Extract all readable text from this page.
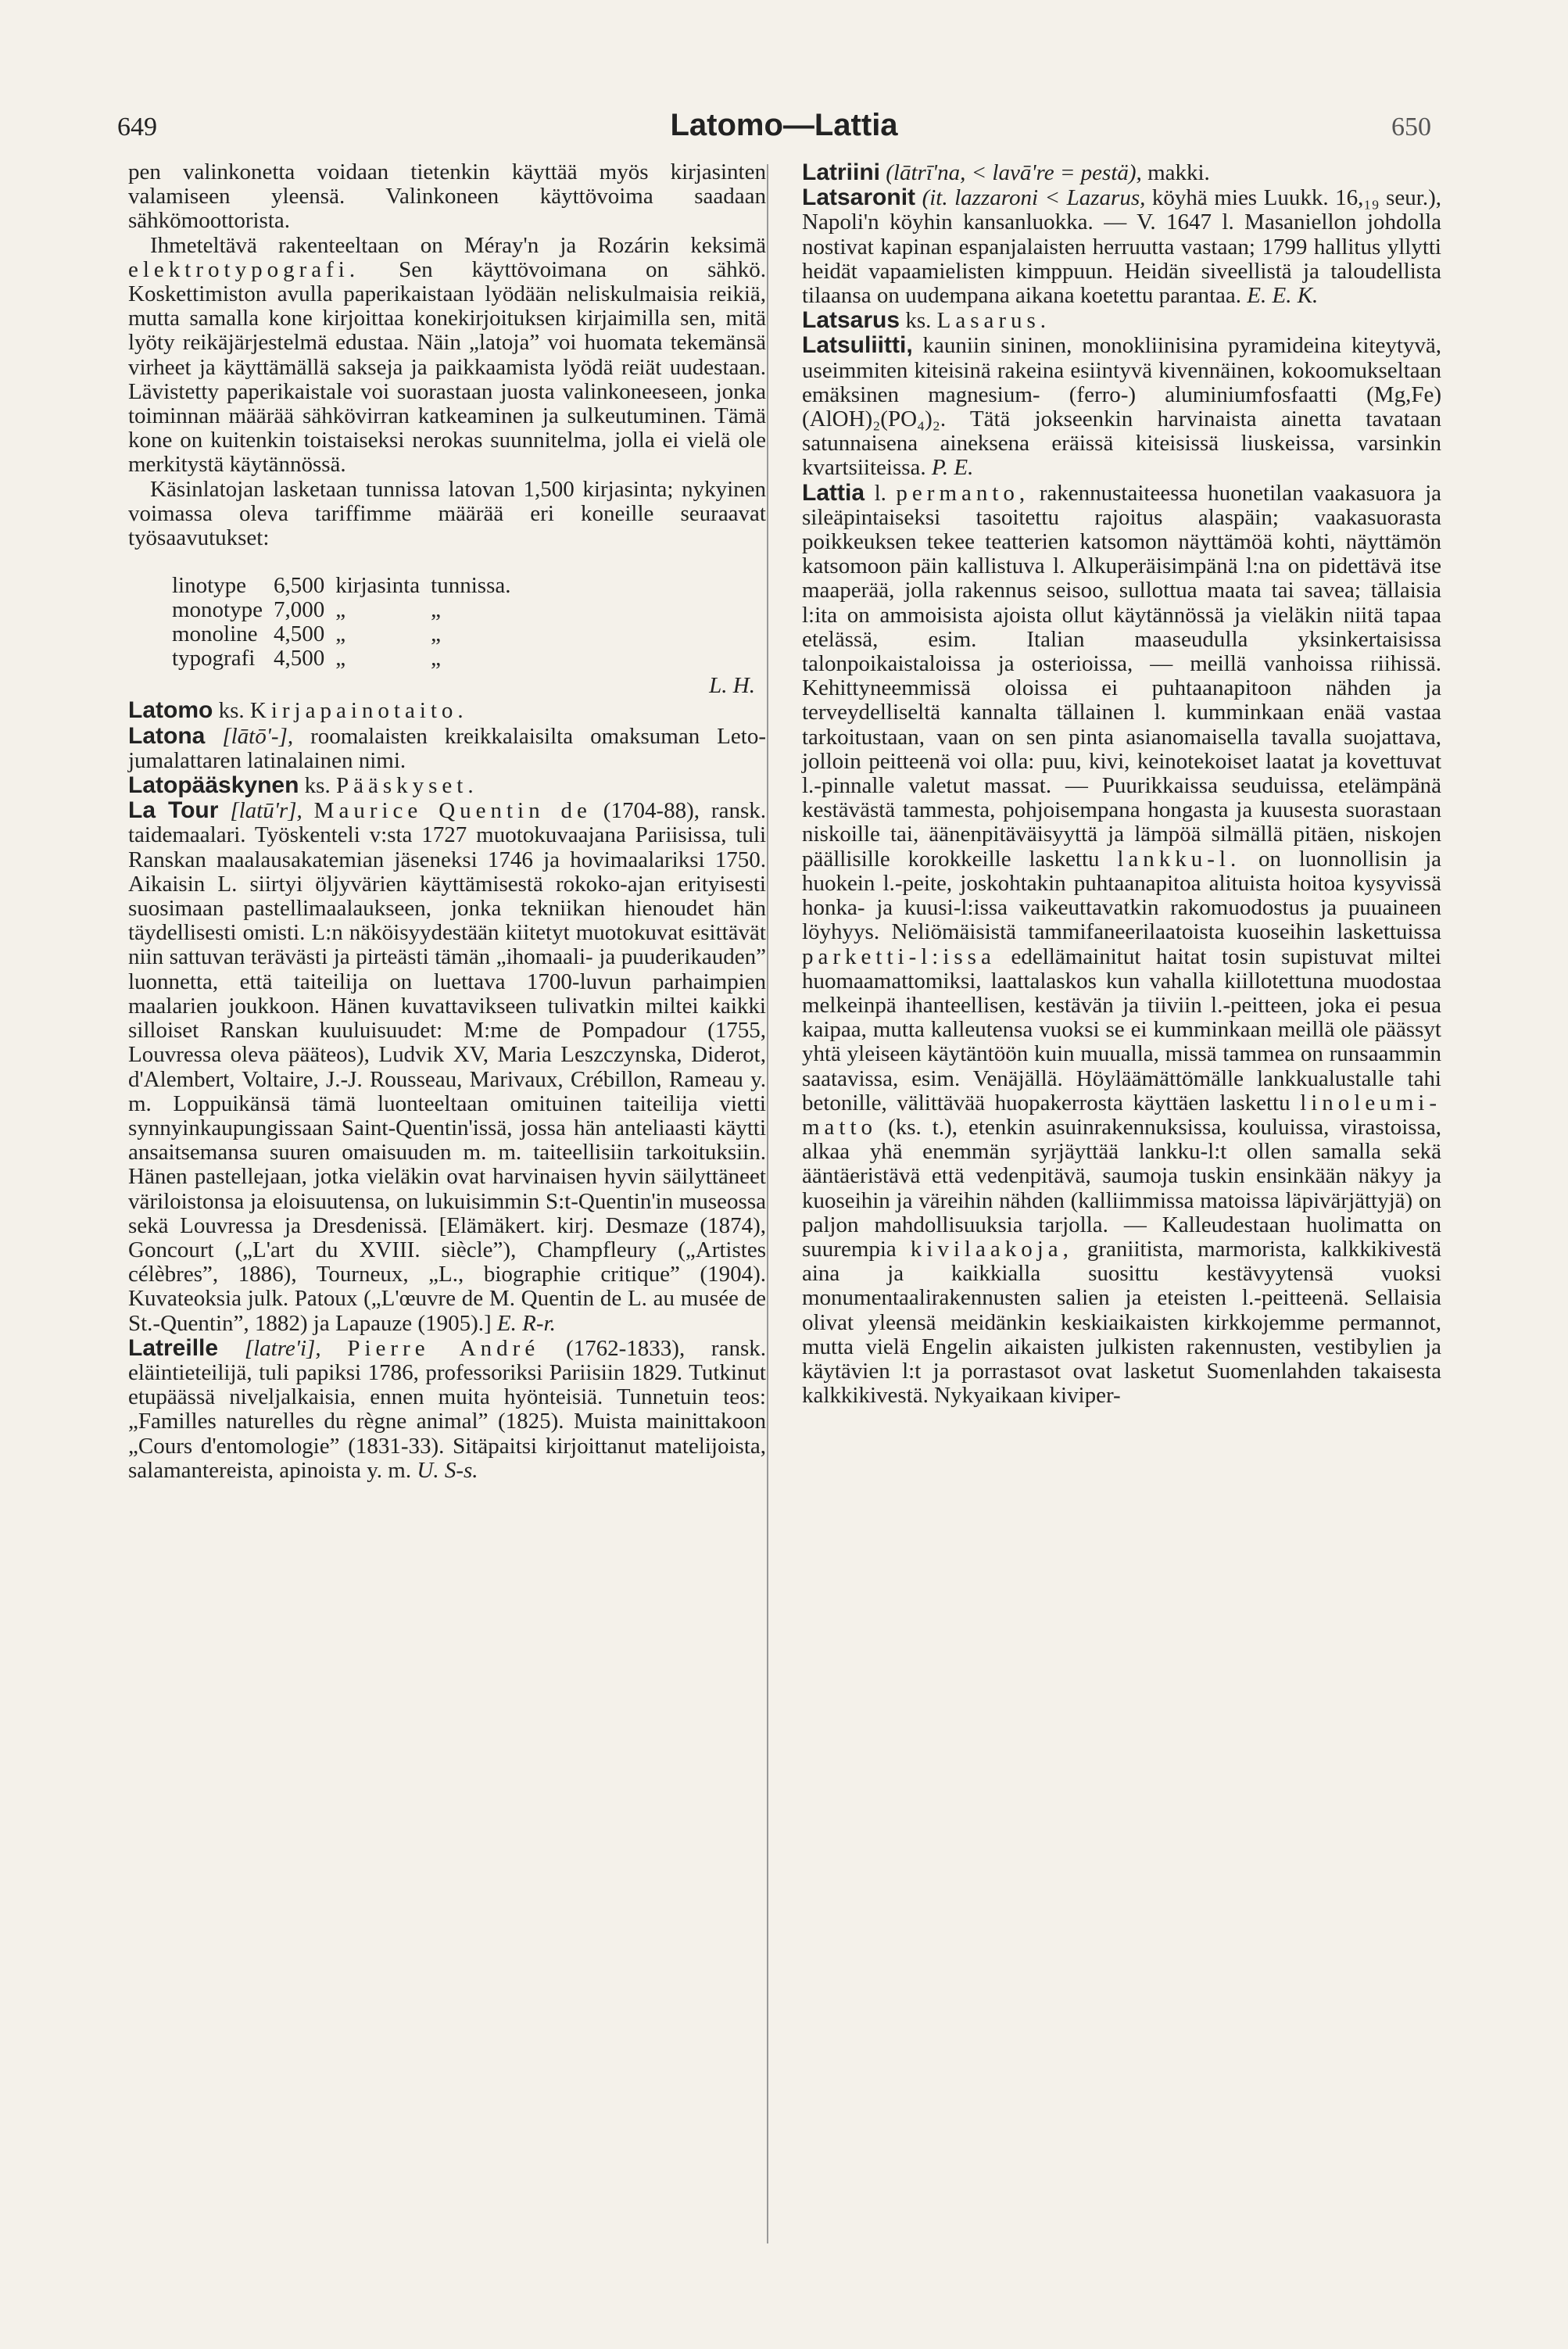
649	Latomo—Lattia	650

pen valinkonetta voidaan tietenkin käyttää myös kirjasinten valamiseen yleensä. Valinkoneen käyttövoima saadaan sähkömoottorista.

Ihmeteltävä rakenteeltaan on Méray'n ja Rozárin keksimä elektrotypografi. Sen käyttövoimana on sähkö. Koskettimiston avulla paperikaistaan lyödään neliskulmaisia reikiä, mutta samalla kone kirjoittaa konekirjoituksen kirjaimilla sen, mitä lyöty reikäjärjestelmä edustaa. Näin „latoja” voi huomata tekemänsä virheet ja käyttämällä sakseja ja paikkaamista lyödä reiät uudestaan. Lävistetty paperikaistale voi suorastaan juosta valinkoneeseen, jonka toiminnan määrää sähkövirran katkeaminen ja sulkeutuminen. Tämä kone on kuitenkin toistaiseksi nerokas suunnitelma, jolla ei vielä ole merkitystä käytännössä.

Käsinlatojan lasketaan tunnissa latovan 1,500 kirjasinta; nykyinen voimassa oleva tariffimme määrää eri koneille seuraavat työsaavutukset:

linotype	6,500	kirjasinta	tunnissa.
monotype	7,000	„	„
monoline	4,500	„	„
typografi	4,500	„	„
L. H.

Latomo ks. Kirjapainotaito.

Latona [lātō'-], roomalaisten kreikkalaisilta omaksuman Leto-jumalattaren latinalainen nimi.

Latopääskynen ks. Pääskyset.

La Tour [latū'r], Maurice Quentin de (1704-88), ransk. taidemaalari. Työskenteli v:sta 1727 muotokuvaajana Pariisissa, tuli Ranskan maalausakatemian jäseneksi 1746 ja hovimaalariksi 1750. Aikaisin L. siirtyi öljyvärien käyttämisestä rokoko-ajan erityisesti suosimaan pastellimaalaukseen, jonka tekniikan hienoudet hän täydellisesti omisti. L:n näköisyydestään kiitetyt muotokuvat esittävät niin sattuvan terävästi ja pirteästi tämän „ihomaali- ja puuderikauden” luonnetta, että taiteilija on luettava 1700-luvun parhaimpien maalarien joukkoon. Hänen kuvattavikseen tulivatkin miltei kaikki silloiset Ranskan kuuluisuudet: M:me de Pompadour (1755, Louvressa oleva pääteos), Ludvik XV, Maria Leszczynska, Diderot, d'Alembert, Voltaire, J.-J. Rousseau, Marivaux, Crébillon, Rameau y. m. Loppuikänsä tämä luonteeltaan omituinen taiteilija vietti synnyinkaupungissaan Saint-Quentin'issä, jossa hän anteliaasti käytti ansaitsemansa suuren omaisuuden m. m. taiteellisiin tarkoituksiin. Hänen pastellejaan, jotka vieläkin ovat harvinaisen hyvin säilyttäneet väriloistonsa ja eloisuutensa, on lukuisimmin S:t-Quentin'in museossa sekä Louvressa ja Dresdenissä. [Elämäkert. kirj. Desmaze (1874), Goncourt („L'art du XVIII. siècle”), Champfleury („Artistes célèbres”, 1886), Tourneux, „L., biographie critique” (1904). Kuvateoksia julk. Patoux („L'œuvre de M. Quentin de L. au musée de St.-Quentin”, 1882) ja Lapauze (1905).] E. R-r.

Latreille [latre'i], Pierre André (1762-1833), ransk. eläintieteilijä, tuli papiksi 1786, professoriksi Pariisiin 1829. Tutkinut etupäässä niveljalkaisia, ennen muita hyönteisiä. Tunnetuin teos: „Familles naturelles du règne animal” (1825). Muista mainittakoon „Cours d'entomologie” (1831-33). Sitäpaitsi kirjoittanut matelijoista, salamantereista, apinoista y. m. U. S-s.

Latriini (lātrī'na, < lavā're = pestä), makki.

Latsaronit (it. lazzaroni < Lazarus, köyhä mies Luukk. 16,₁₉ seur.), Napoli'n köyhin kansanluokka. — V. 1647 l. Masaniellon johdolla nostivat kapinan espanjalaisten herruutta vastaan; 1799 hallitus yllytti heidät vapaamielisten kimppuun. Heidän siveellistä ja taloudellista tilaansa on uudempana aikana koetettu parantaa. E. E. K.

Latsarus ks. Lasarus.

Latsuliitti, kauniin sininen, monokliinisina pyramideina kiteytyvä, useimmiten kiteisinä rakeina esiintyvä kivennäinen, kokoomukseltaan emäksinen magnesium- (ferro-) aluminiumfosfaatti (Mg,Fe)(AlOH)₂(PO₄)₂. Tätä jokseenkin harvinaista ainetta tavataan satunnaisena aineksena eräissä kiteisissä liuskeissa, varsinkin kvartsiiteissa. P. E.

Lattia l. permanto, rakennustaiteessa huonetilan vaakasuora ja sileäpintaiseksi tasoitettu rajoitus alaspäin; vaakasuorasta poikkeuksen tekee teatterien katsomon näyttämöä kohti, näyttämön katsomoon päin kallistuva l. Alkuperäisimpänä l:na on pidettävä itse maaperää, jolla rakennus seisoo, sullottua maata tai savea; tällaisia l:ita on ammoisista ajoista ollut käytännössä ja vieläkin niitä tapaa etelässä, esim. Italian maaseudulla yksinkertaisissa talonpoikaistaloissa ja osterioissa, — meillä vanhoissa riihissä. Kehittyneemmissä oloissa ei puhtaanapitoon nähden ja terveydelliseltä kannalta tällainen l. kumminkaan enää vastaa tarkoitustaan, vaan on sen pinta asianomaisella tavalla suojattava, jolloin peitteenä voi olla: puu, kivi, keinotekoiset laatat ja kovettuvat l.-pinnalle valetut massat. — Puurikkaissa seuduissa, etelämpänä kestävästä tammesta, pohjoisempana hongasta ja kuusesta suorastaan niskoille tai, äänenpitäväisyyttä ja lämpöä silmällä pitäen, niskojen päällisille korokkeille laskettu lankku-l. on luonnollisin ja huokein l.-peite, joskohtakin puhtaanapitoa alituista hoitoa kysyvissä honka- ja kuusi-l:issa vaikeuttavatkin rakomuodostus ja puuaineen löyhyys. Neliömäisistä tammifaneerilaatoista kuoseihin laskettuissa parketti-l:issa edellämainitut haitat tosin supistuvat miltei huomaamattomiksi, laattalaskos kun vahalla kiillotettuna muodostaa melkeinpä ihanteellisen, kestävän ja tiiviin l.-peitteen, joka ei pesua kaipaa, mutta kalleutensa vuoksi se ei kumminkaan meillä ole päässyt yhtä yleiseen käytäntöön kuin muualla, missä tammea on runsaammin saatavissa, esim. Venäjällä. Höyläämättömälle lankkualustalle tahi betonille, välittävää huopakerrosta käyttäen laskettu linoleumi-matto (ks. t.), etenkin asuinrakennuksissa, kouluissa, virastoissa, alkaa yhä enemmän syrjäyttää lankku-l:t ollen samalla sekä ääntäeristävä että vedenpitävä, saumoja tuskin ensinkään näkyy ja kuoseihin ja väreihin nähden (kalliimmissa matoissa läpivärjättyjä) on paljon mahdollisuuksia tarjolla. — Kalleudestaan huolimatta on suurempia kivilaakoja, graniitista, marmorista, kalkkikivestä aina ja kaikkialla suosittu kestävyytensä vuoksi monumentaalirakennusten salien ja eteisten l.-peitteenä. Sellaisia olivat yleensä meidänkin keskiaikaisten kirkkojemme permannot, mutta vielä Engelin aikaisten julkisten rakennusten, vestibylien ja käytävien l:t ja porrastasot ovat lasketut Suomenlahden takaisesta kalkkikivestä. Nykyaikaan kiviper-
